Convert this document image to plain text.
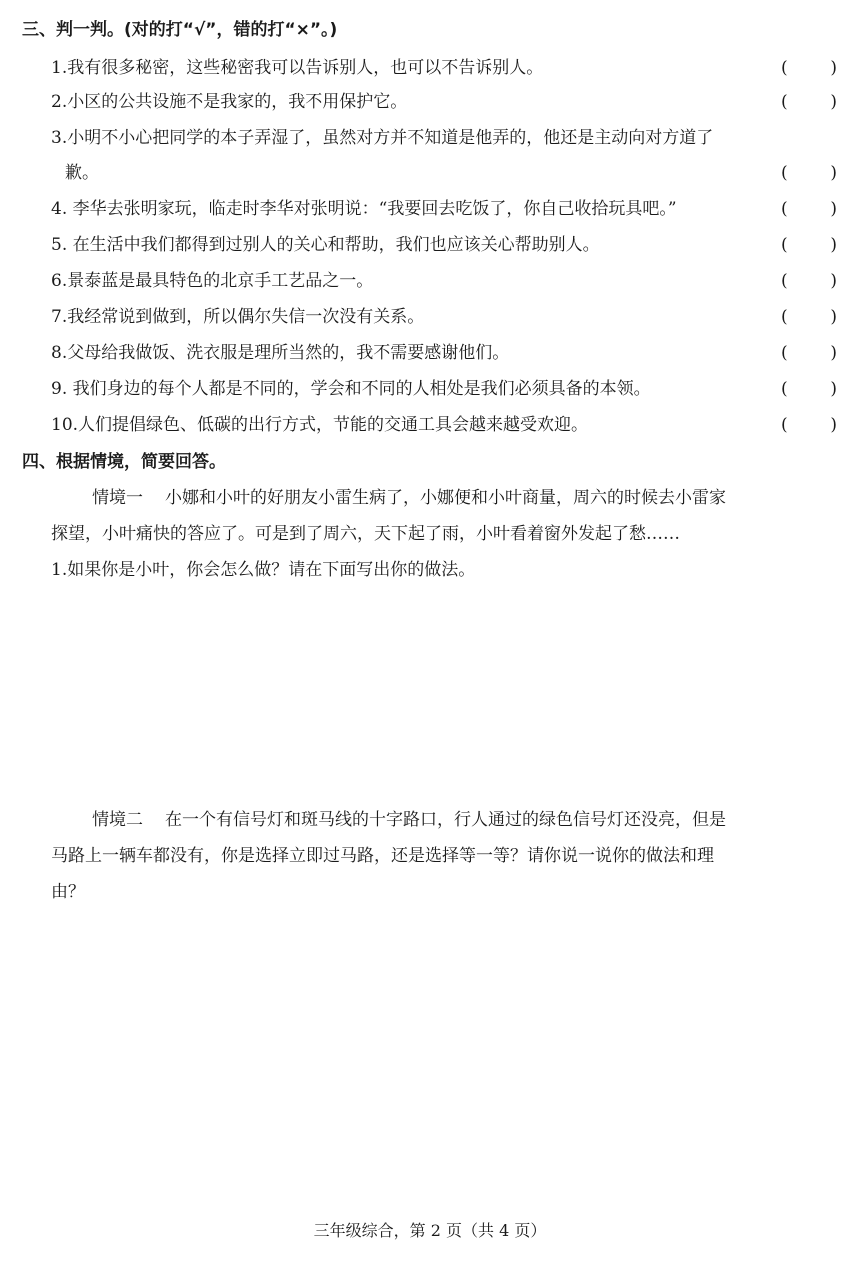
三、判一判。(对的打“√”，错的打“×”。)
1.我有很多秘密，这些秘密我可以告诉别人，也可以不告诉别人。	(	)
2.小区的公共设施不是我家的，我不用保护它。	(	)
3.小明不小心把同学的本子弄湿了，虽然对方并不知道是他弄的，他还是主动向对方道了
歉。	(	)
4. 李华去张明家玩，临走时李华对张明说：“我要回去吃饭了，你自己收拾玩具吧。”	(	)
5. 在生活中我们都得到过别人的关心和帮助，我们也应该关心帮助别人。	(	)
6.景泰蓝是最具特色的北京手工艺品之一。	(	)
7.我经常说到做到，所以偶尔失信一次没有关系。	(	)
8.父母给我做饭、洗衣服是理所当然的，我不需要感谢他们。	(	)
9. 我们身边的每个人都是不同的，学会和不同的人相处是我们必须具备的本领。	(	)
10.人们提倡绿色、低碳的出行方式，节能的交通工具会越来越受欢迎。	(	)
四、根据情境，简要回答。
情境一 小娜和小叶的好朋友小雷生病了，小娜便和小叶商量，周六的时候去小雷家
探望，小叶痛快的答应了。可是到了周六，天下起了雨，小叶看着窗外发起了愁……
1.如果你是小叶，你会怎么做？请在下面写出你的做法。
情境二 在一个有信号灯和斑马线的十字路口，行人通过的绿色信号灯还没亮，但是
马路上一辆车都没有，你是选择立即过马路，还是选择等一等？请你说一说你的做法和理
由？
三年级综合，第 2 页（共 4 页）
